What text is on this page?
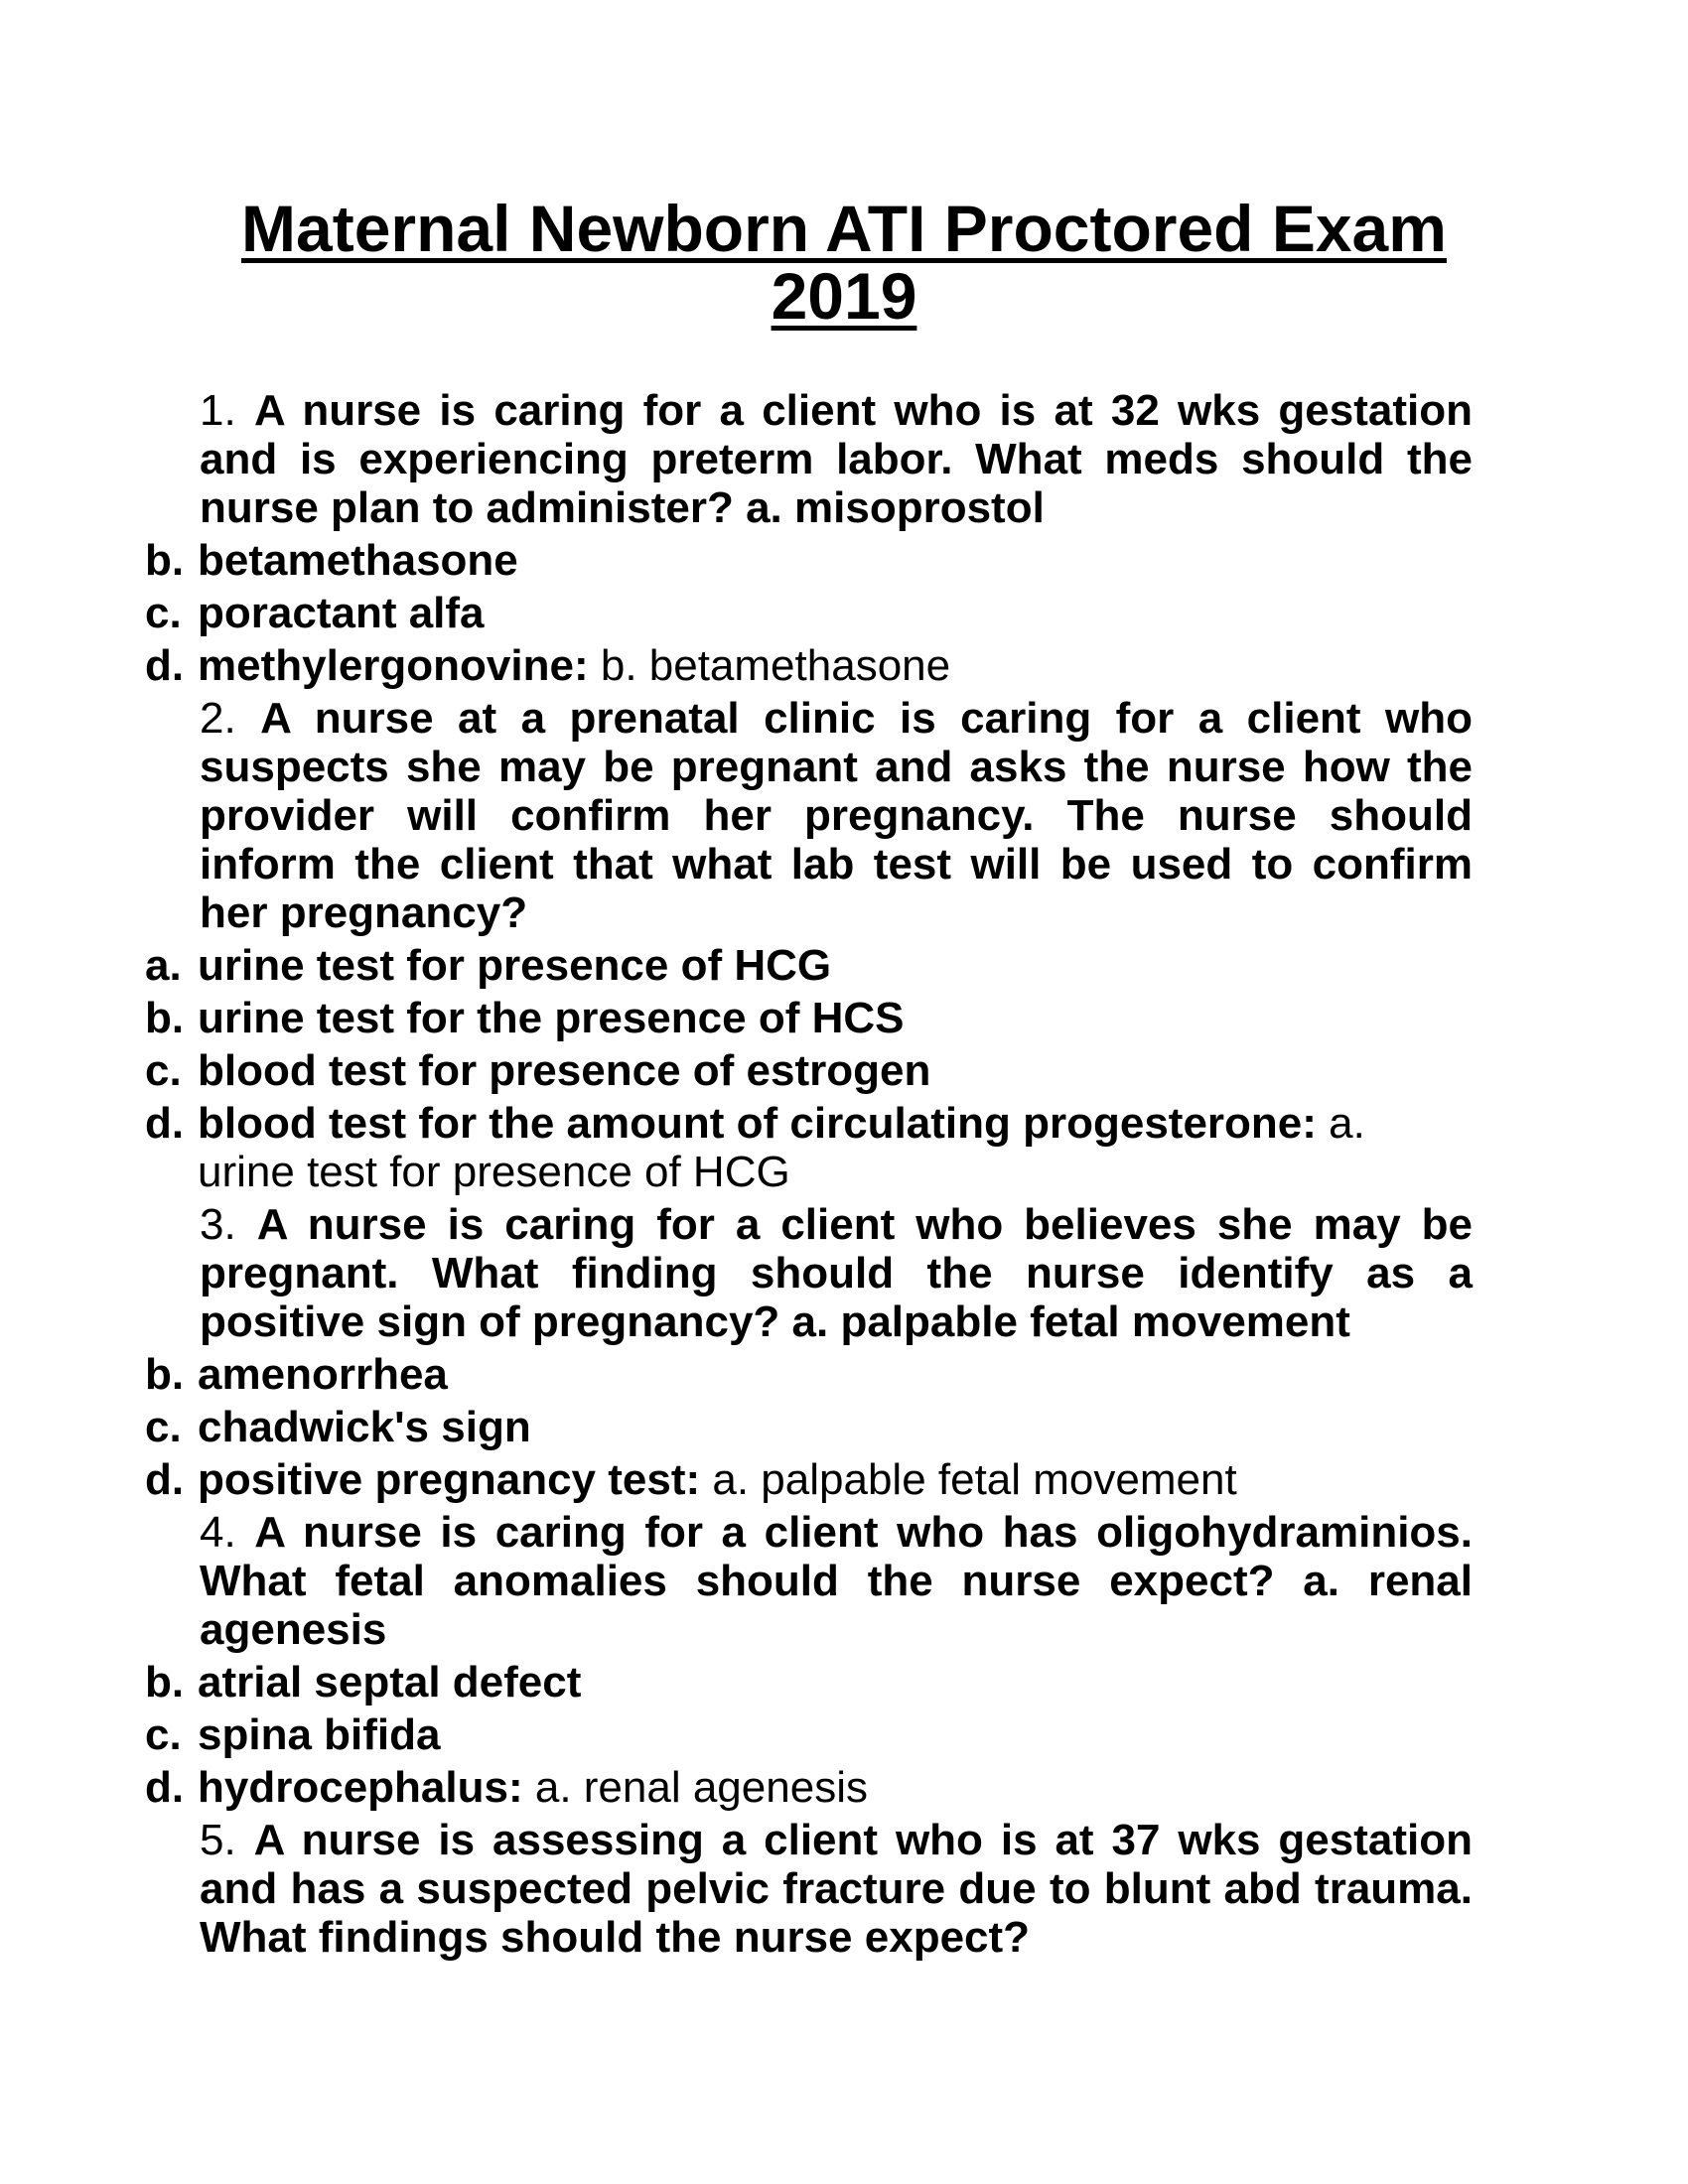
Maternal Newborn ATI Proctored Exam
2019
1. A nurse is caring for a client who is at 32 wks gestation and is experiencing preterm labor. What meds should the nurse plan to administer? a. misoprostol
b. betamethasone
c. poractant alfa
d. methylergonovine: b. betamethasone
2. A nurse at a prenatal clinic is caring for a client who suspects she may be pregnant and asks the nurse how the provider will confirm her pregnancy. The nurse should inform the client that what lab test will be used to confirm her pregnancy?
a. urine test for presence of HCG
b. urine test for the presence of HCS
c. blood test for presence of estrogen
d. blood test for the amount of circulating progesterone: a. urine test for presence of HCG
3. A nurse is caring for a client who believes she may be pregnant. What finding should the nurse identify as a positive sign of pregnancy? a. palpable fetal movement
b. amenorrhea
c. chadwick's sign
d. positive pregnancy test: a. palpable fetal movement
4. A nurse is caring for a client who has oligohydraminios. What fetal anomalies should the nurse expect? a. renal agenesis
b. atrial septal defect
c. spina bifida
d. hydrocephalus: a. renal agenesis
5. A nurse is assessing a client who is at 37 wks gestation and has a suspected pelvic fracture due to blunt abd trauma. What findings should the nurse expect?
